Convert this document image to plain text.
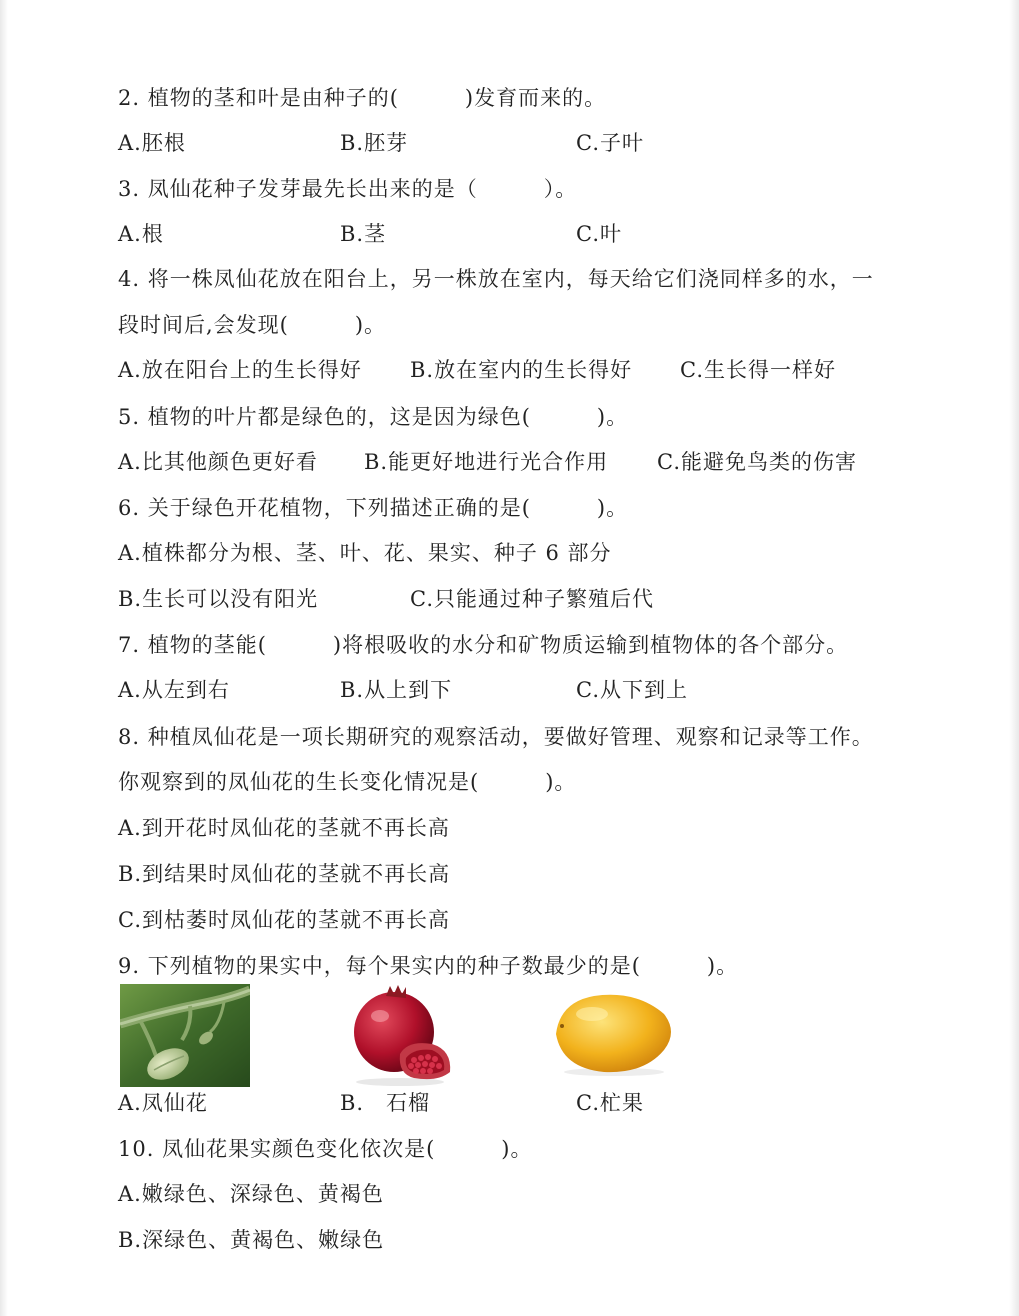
2. 植物的茎和叶是由种子的(　　　)发育而来的。
A.胚根	B.胚芽	C.子叶
3. 凤仙花种子发芽最先长出来的是（　　　）。
A.根	B.茎	C.叶
4. 将一株凤仙花放在阳台上，另一株放在室内，每天给它们浇同样多的水，一
段时间后,会发现(　　　)。
A.放在阳台上的生长得好 B.放在室内的生长得好 C.生长得一样好
5. 植物的叶片都是绿色的，这是因为绿色(　　　)。
A.比其他颜色更好看 B.能更好地进行光合作用 C.能避免鸟类的伤害
6. 关于绿色开花植物，下列描述正确的是(　　　)。
A.植株都分为根、茎、叶、花、果实、种子 6 部分
B.生长可以没有阳光	C.只能通过种子繁殖后代
7. 植物的茎能(　　　)将根吸收的水分和矿物质运输到植物体的各个部分。
A.从左到右	B.从上到下	C.从下到上
8. 种植凤仙花是一项长期研究的观察活动，要做好管理、观察和记录等工作。
你观察到的凤仙花的生长变化情况是(　　　)。
A.到开花时凤仙花的茎就不再长高
B.到结果时凤仙花的茎就不再长高
C.到枯萎时凤仙花的茎就不再长高
9. 下列植物的果实中，每个果实内的种子数最少的是(　　　)。
A.凤仙花	B.　石榴	C.杧果
10. 凤仙花果实颜色变化依次是(　　　)。
A.嫩绿色、深绿色、黄褐色
B.深绿色、黄褐色、嫩绿色
